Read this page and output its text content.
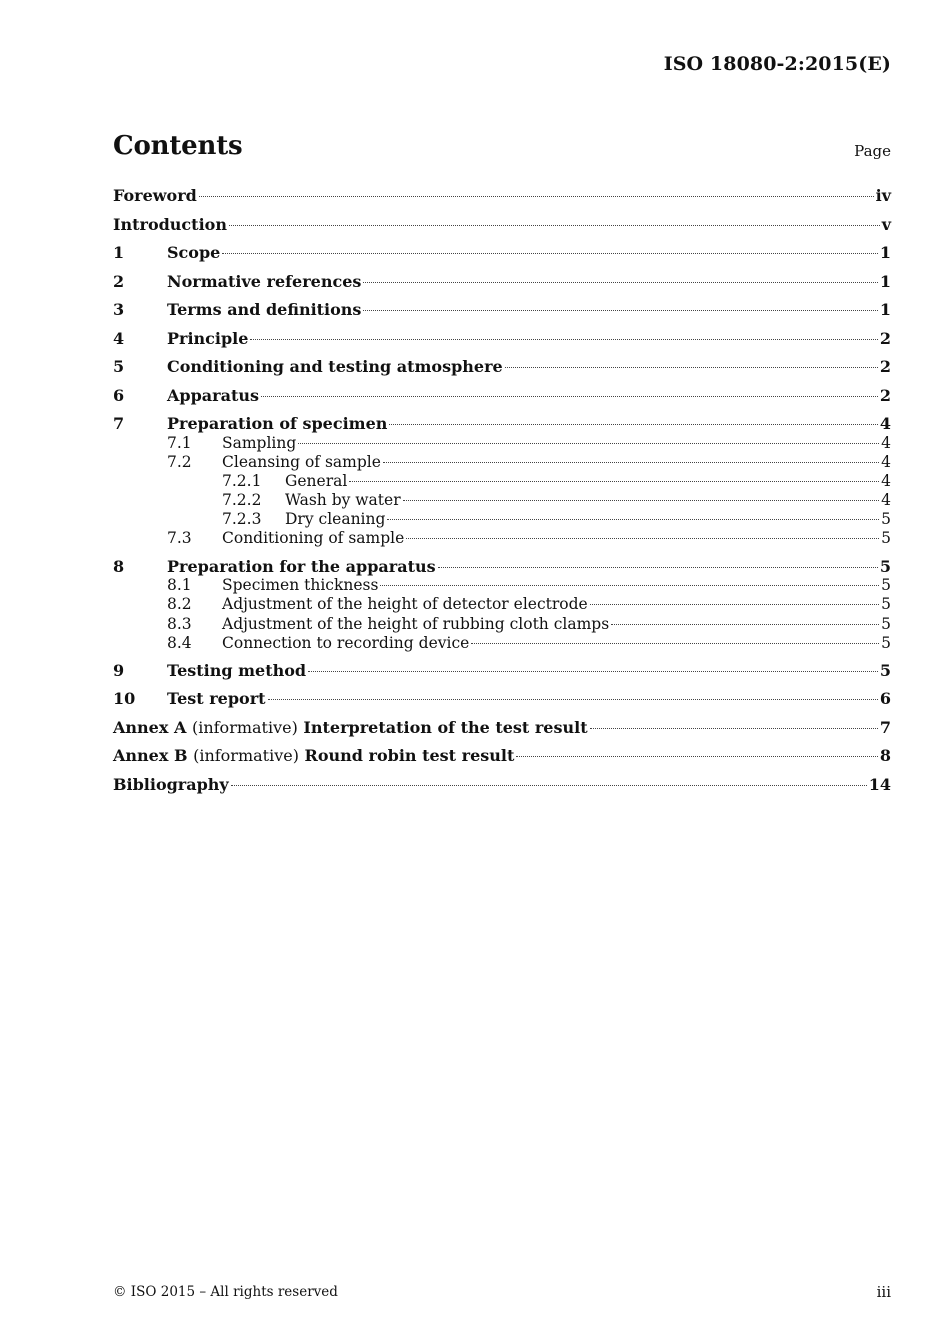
ISO 18080-2:2015(E)
Contents	Page
Foreword	iv
Introduction	v
1	Scope	1
2	Normative references	1
3	Terms and definitions	1
4	Principle	2
5	Conditioning and testing atmosphere	2
6	Apparatus	2
7	Preparation of specimen	4
7.1	Sampling	4
7.2	Cleansing of sample	4
7.2.1	General	4
7.2.2	Wash by water	4
7.2.3	Dry cleaning	5
7.3	Conditioning of sample	5
8	Preparation for the apparatus	5
8.1	Specimen thickness	5
8.2	Adjustment of the height of detector electrode	5
8.3	Adjustment of the height of rubbing cloth clamps	5
8.4	Connection to recording device	5
9	Testing method	5
10	Test report	6
Annex A (informative) Interpretation of the test result	7
Annex B (informative) Round robin test result	8
Bibliography	14
© ISO 2015 – All rights reserved	iii
